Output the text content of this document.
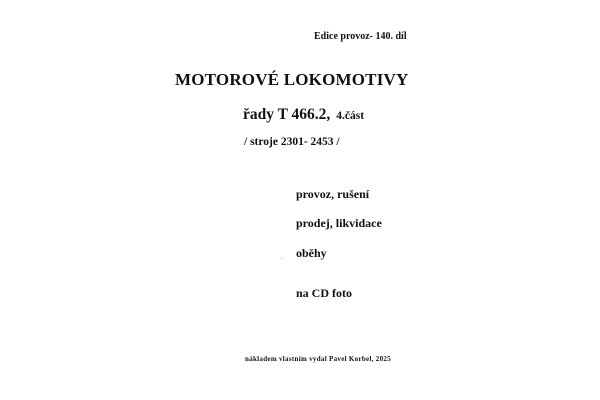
Edice provoz- 140. díl
MOTOROVÉ LOKOMOTIVY
řady T 466.2, 4.část
/ stroje 2301- 2453 /
provoz, rušení
prodej, likvidace
oběhy
na CD foto
nákladem vlastním vydal Pavel Korbel, 2025
